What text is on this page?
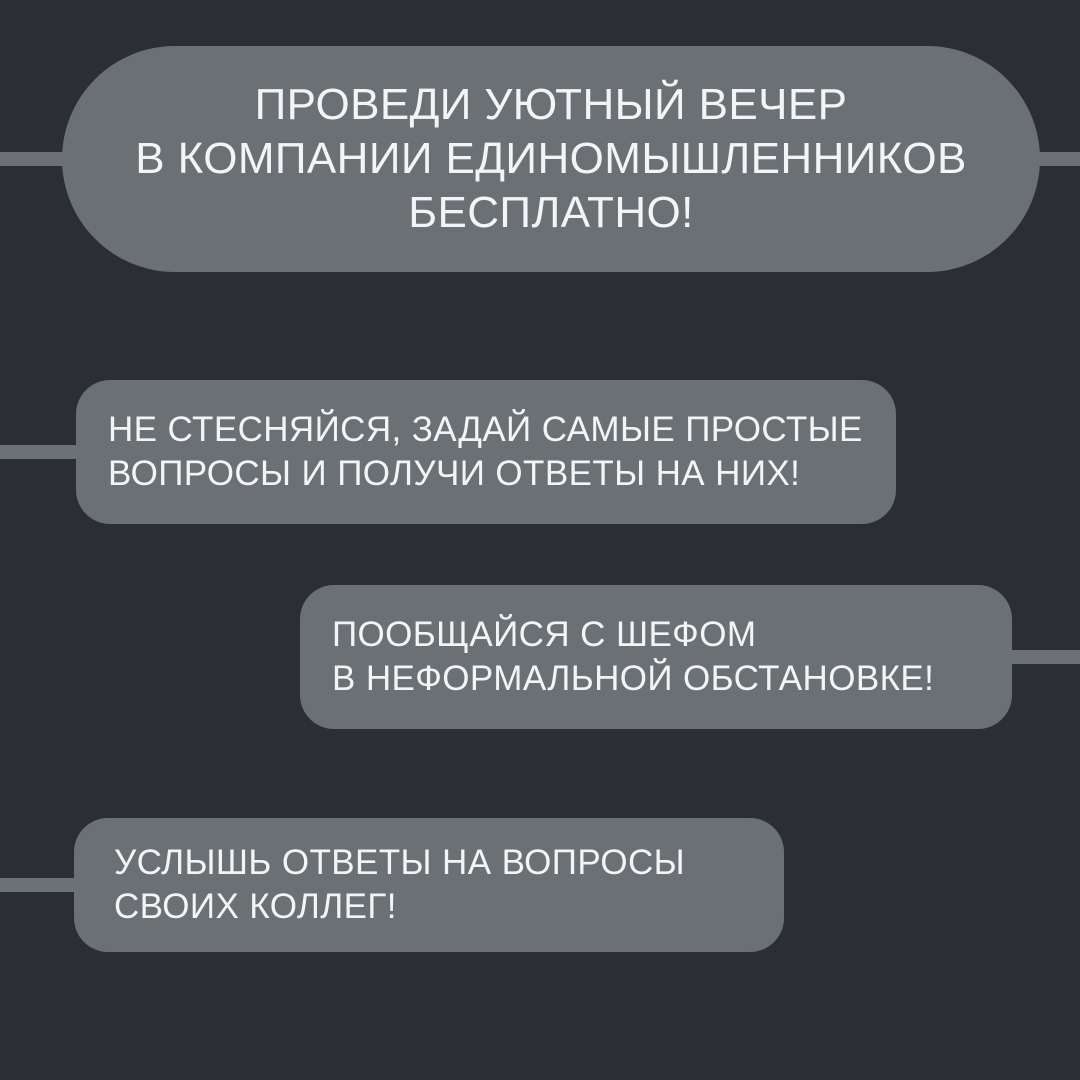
ПРОВЕДИ УЮТНЫЙ ВЕЧЕР
В КОМПАНИИ ЕДИНОМЫШЛЕННИКОВ
БЕСПЛАТНО!
НЕ СТЕСНЯЙСЯ, ЗАДАЙ САМЫЕ ПРОСТЫЕ
ВОПРОСЫ И ПОЛУЧИ ОТВЕТЫ НА НИХ!
ПООБЩАЙСЯ С ШЕФОМ
В НЕФОРМАЛЬНОЙ ОБСТАНОВКЕ!
УСЛЫШЬ ОТВЕТЫ НА ВОПРОСЫ
СВОИХ КОЛЛЕГ!
